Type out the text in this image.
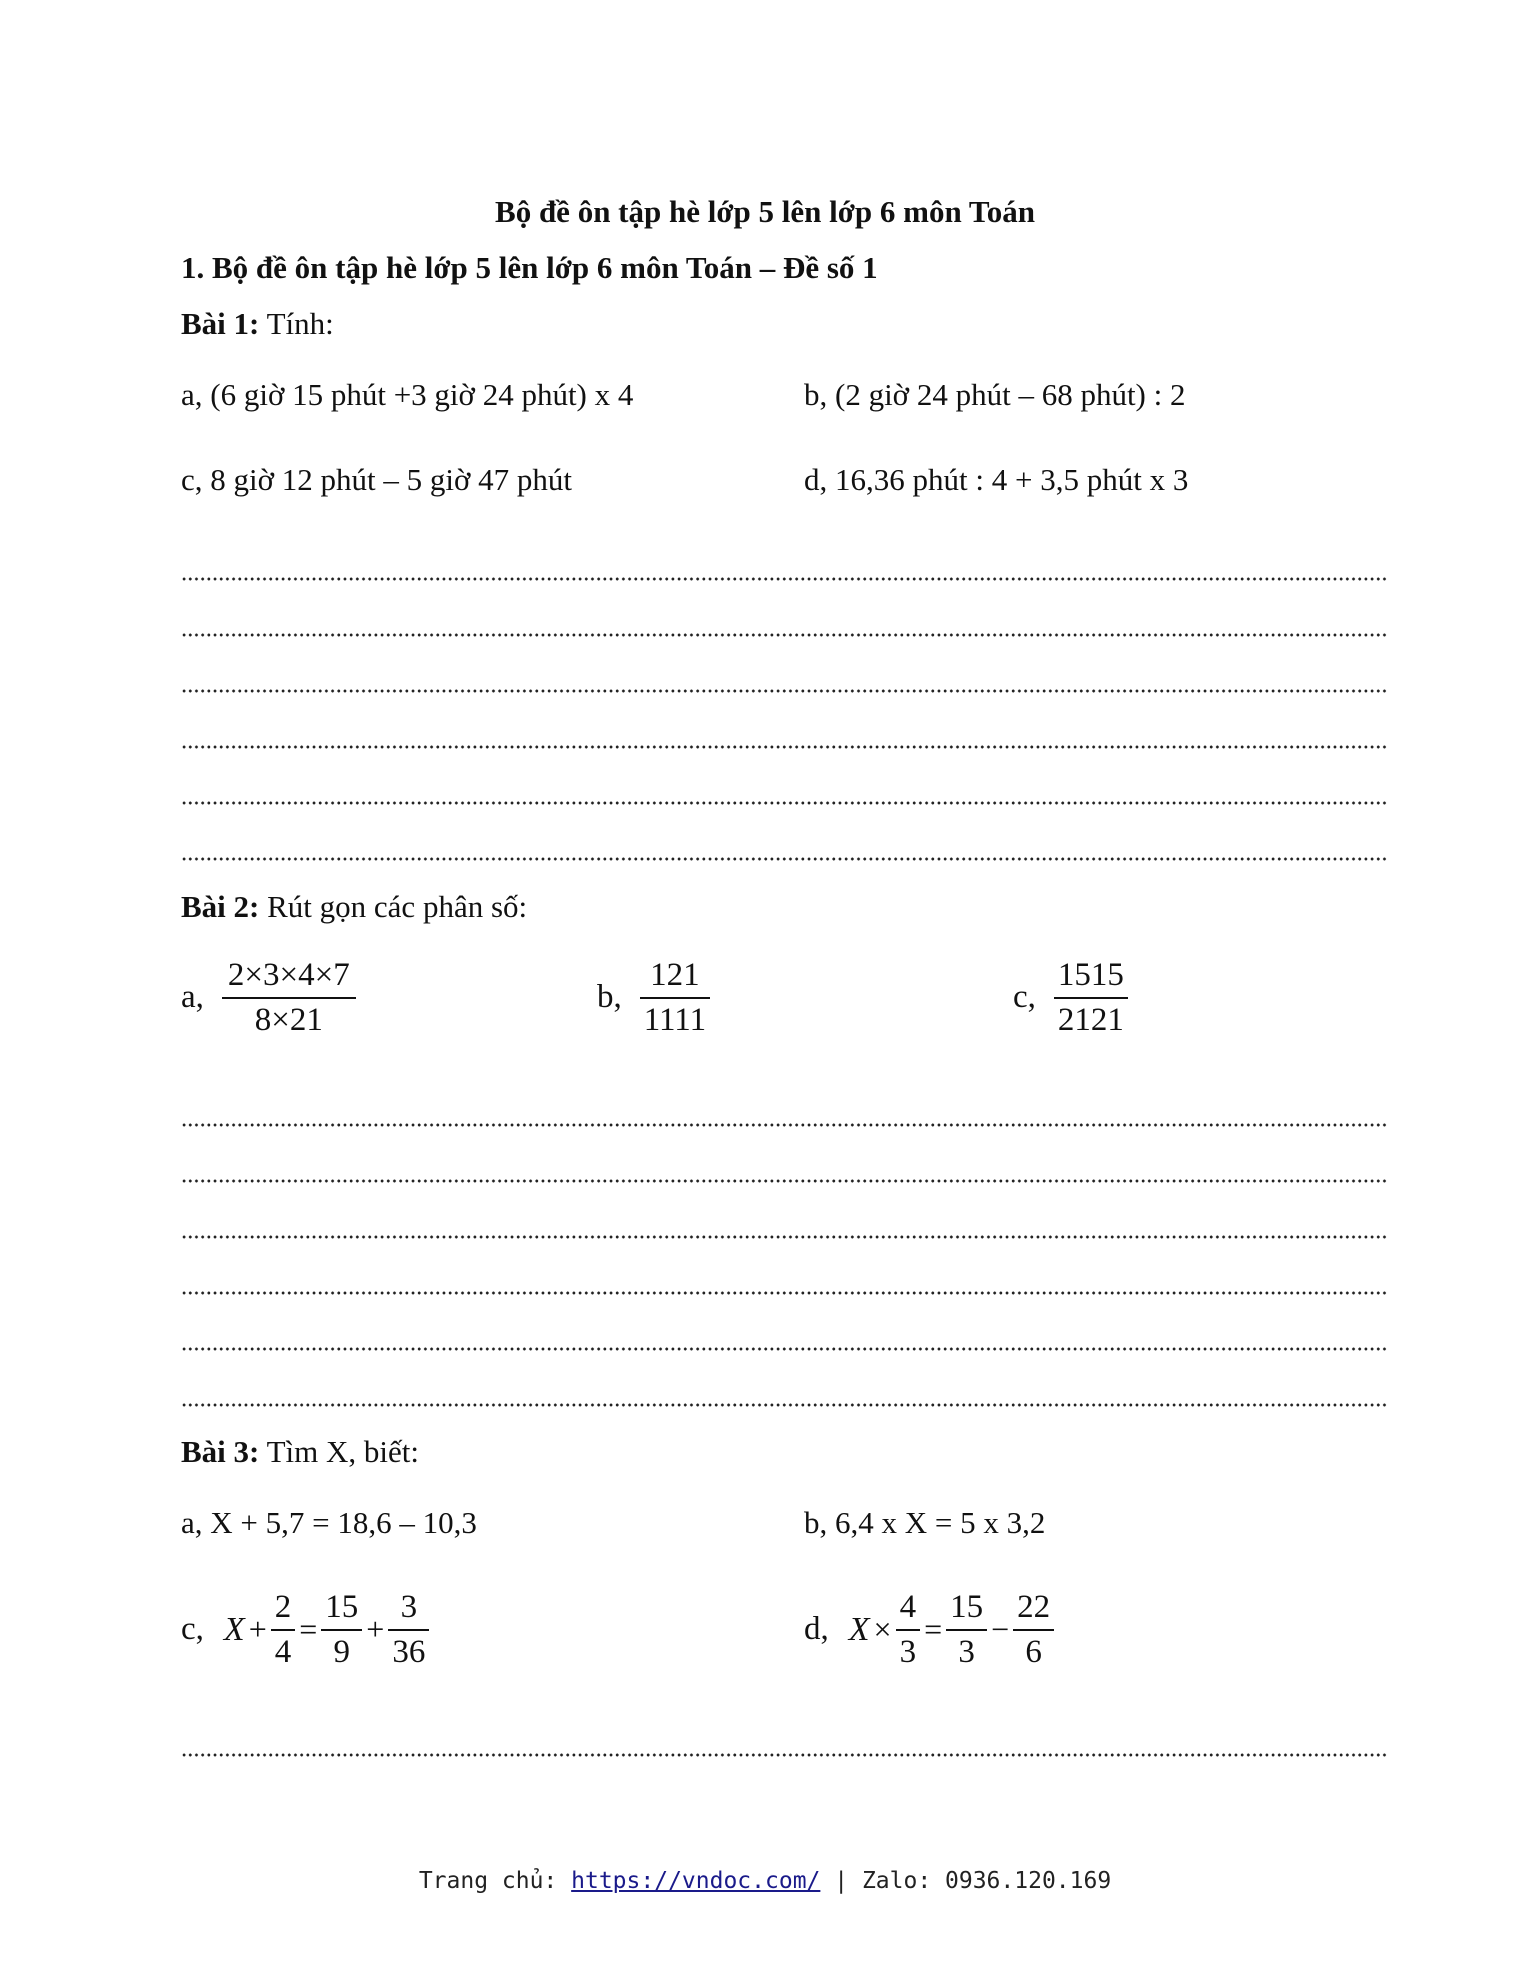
Bộ đề ôn tập hè lớp 5 lên lớp 6 môn Toán
1. Bộ đề ôn tập hè lớp 5 lên lớp 6 môn Toán – Đề số 1
Bài 1: Tính:
a, (6 giờ 15 phút +3 giờ 24 phút) x 4	b, (2 giờ 24 phút – 68 phút) : 2
c, 8 giờ 12 phút – 5 giờ 47 phút	d, 16,36 phút : 4 + 3,5 phút x 3
Bài 2: Rút gọn các phân số:
a, $\frac{2\times 3\times 4\times 7}{8\times 21}$	b, $\frac{121}{1111}$	c, $\frac{1515}{2121}$
Bài 3: Tìm X, biết:
a, X + 5,7 = 18,6 – 10,3	b, 6,4 x X = 5 x 3,2
c, $X + \frac{2}{4} = \frac{15}{9} + \frac{3}{36}$	d, $X \times \frac{4}{3} = \frac{15}{3} - \frac{22}{6}$
Trang chủ: https://vndoc.com/ | Zalo: 0936.120.169
